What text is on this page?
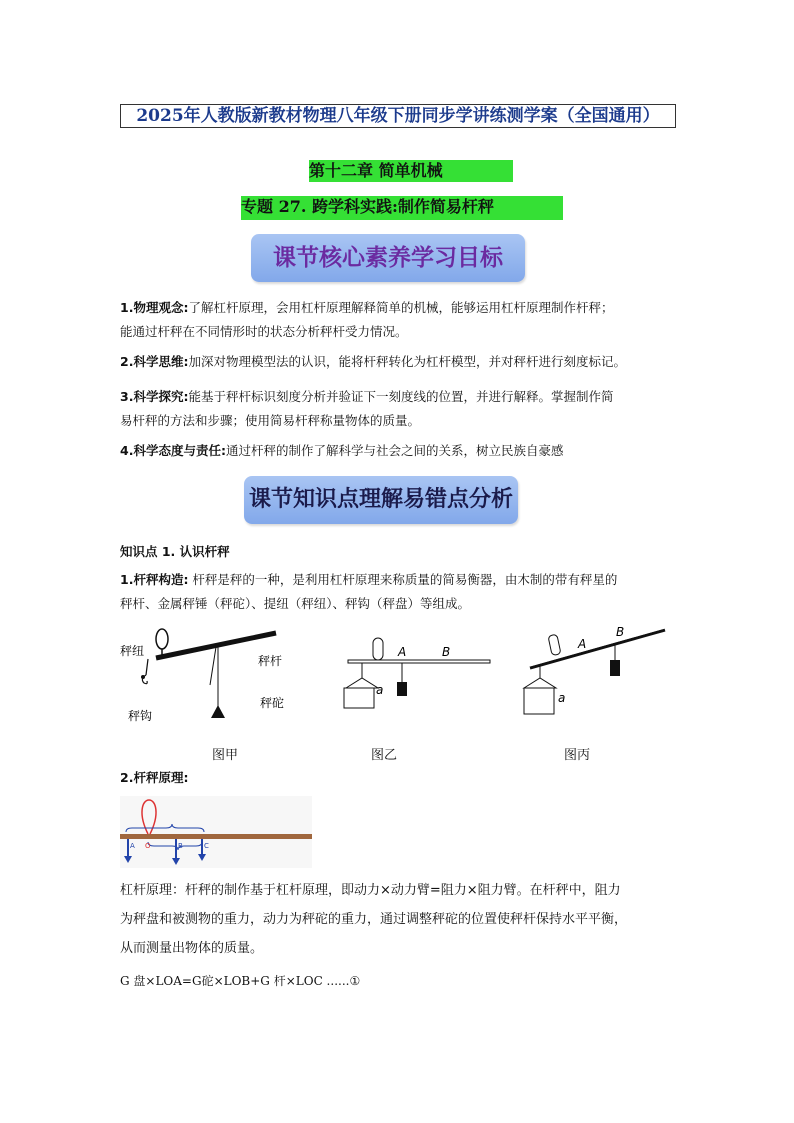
2025年人教版新教材物理八年级下册同步学讲练测学案（全国通用）
第十二章 简单机械
专题 27. 跨学科实践:制作简易杆秤
课节核心素养学习目标
1.物理观念:了解杠杆原理，会用杠杆原理解释简单的机械，能够运用杠杆原理制作杆秤；
能通过杆秤在不同情形时的状态分析秤杆受力情况。
2.科学思维:加深对物理模型法的认识，能将杆秤转化为杠杆模型，并对秤杆进行刻度标记。
3.科学探究:能基于秤杆标识刻度分析并验证下一刻度线的位置，并进行解释。掌握制作简
易杆秤的方法和步骤；使用简易杆秤称量物体的质量。
4.科学态度与责任:通过杆秤的制作了解科学与社会之间的关系，树立民族自豪感
课节知识点理解易错点分析
知识点 1. 认识杆秤
1.杆秤构造: 杆秤是秤的一种，是利用杠杆原理来称质量的简易衡器，由木制的带有秤星的
秤杆、金属秤锤（秤砣）、提纽（秤纽）、秤钩（秤盘）等组成。
秤纽
秤杆
秤钩
秤砣
a
A	B
a
A
B
图甲	图乙	图丙
2.杆秤原理:
A O	B	C
杠杆原理：杆秤的制作基于杠杆原理，即动力×动力臂=阻力×阻力臂。在杆秤中，阻力
为秤盘和被测物的重力，动力为秤砣的重力，通过调整秤砣的位置使秤杆保持水平平衡，
从而测量出物体的质量。
G 盘×LOA=G砣×LOB+G 杆×LOC ......①
